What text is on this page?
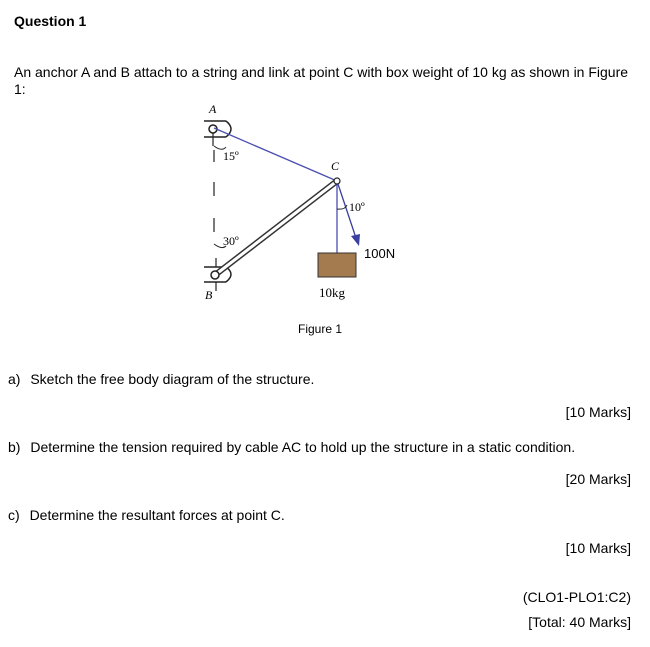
Question 1
An anchor A and B attach to a string and link at point C with box weight of 10 kg as shown in Figure 1:
A
15º
C
10º
30º
100N
B	10kg
Figure 1
a) Sketch the free body diagram of the structure.
[10 Marks]
b) Determine the tension required by cable AC to hold up the structure in a static condition.
[20 Marks]
c) Determine the resultant forces at point C.
[10 Marks]
(CLO1-PLO1:C2)
[Total: 40 Marks]
